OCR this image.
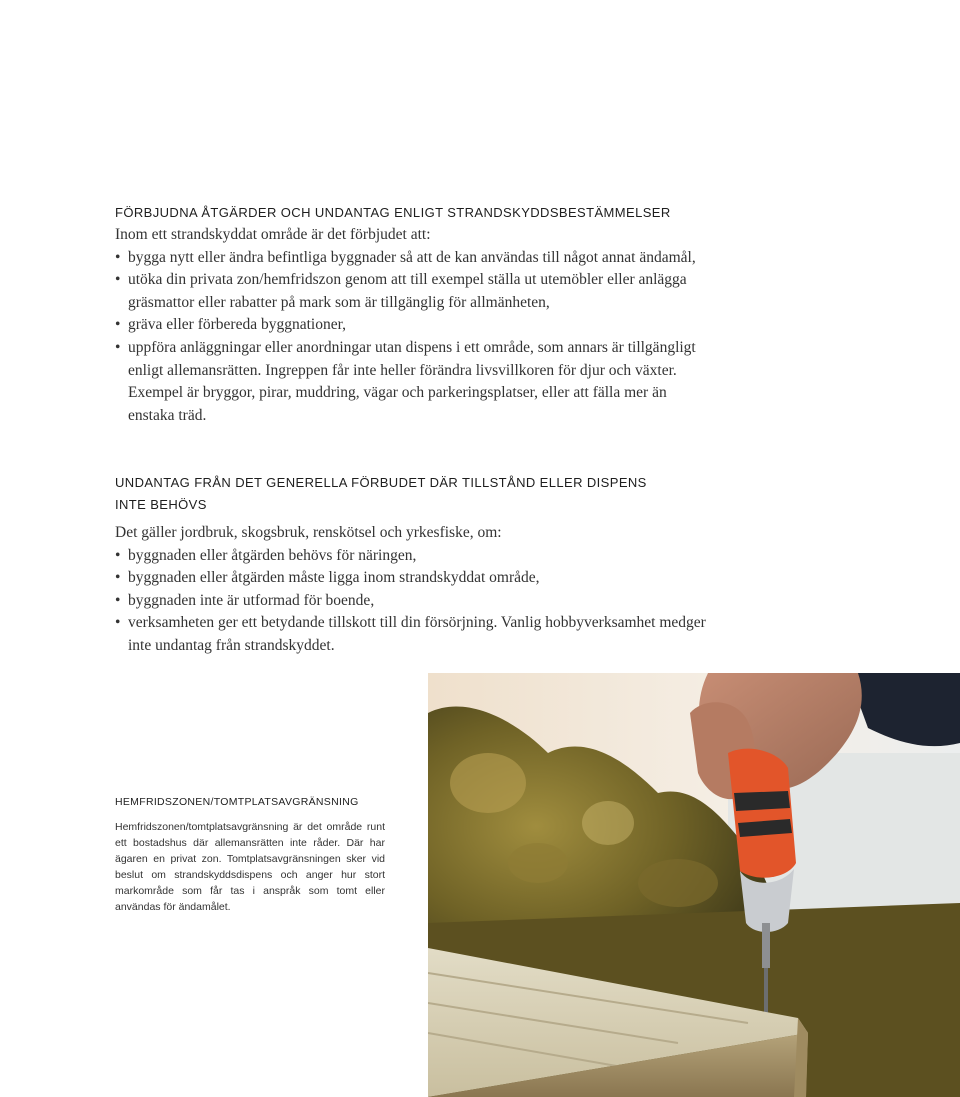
FÖRBJUDNA ÅTGÄRDER OCH UNDANTAG ENLIGT STRANDSKYDDSBESTÄMMELSER

Inom ett strandskyddat område är det förbjudet att:

• bygga nytt eller ändra befintliga byggnader så att de kan användas till något annat ändamål,
• utöka din privata zon/hemfridszon genom att till exempel ställa ut utemöbler eller anlägga gräsmattor eller rabatter på mark som är tillgänglig för allmänheten,
• gräva eller förbereda byggnationer,
• uppföra anläggningar eller anordningar utan dispens i ett område, som annars är tillgängligt enligt allemansrätten. Ingreppen får inte heller förändra livsvillkoren för djur och växter. Exempel är bryggor, pirar, muddring, vägar och parkeringsplatser, eller att fälla mer än enstaka träd.
UNDANTAG FRÅN DET GENERELLA FÖRBUDET DÄR TILLSTÅND ELLER DISPENS
INTE BEHÖVS

Det gäller jordbruk, skogsbruk, renskötsel och yrkesfiske, om:

• byggnaden eller åtgärden behövs för näringen,
• byggnaden eller åtgärden måste ligga inom strandskyddat område,
• byggnaden inte är utformad för boende,
• verksamheten ger ett betydande tillskott till din försörjning. Vanlig hobbyverksamhet medger inte undantag från strandskyddet.
HEMFRIDSZONEN/TOMTPLATSAVGRÄNSNING

Hemfridszonen/tomtplatsavgränsning är det område runt ett bostadshus där allemansrätten inte råder. Där har ägaren en privat zon. Tomtplatsavgränsningen sker vid beslut om strandskyddsdispens och anger hur stort markområde som får tas i anspråk som tomt eller användas för ändamålet.
